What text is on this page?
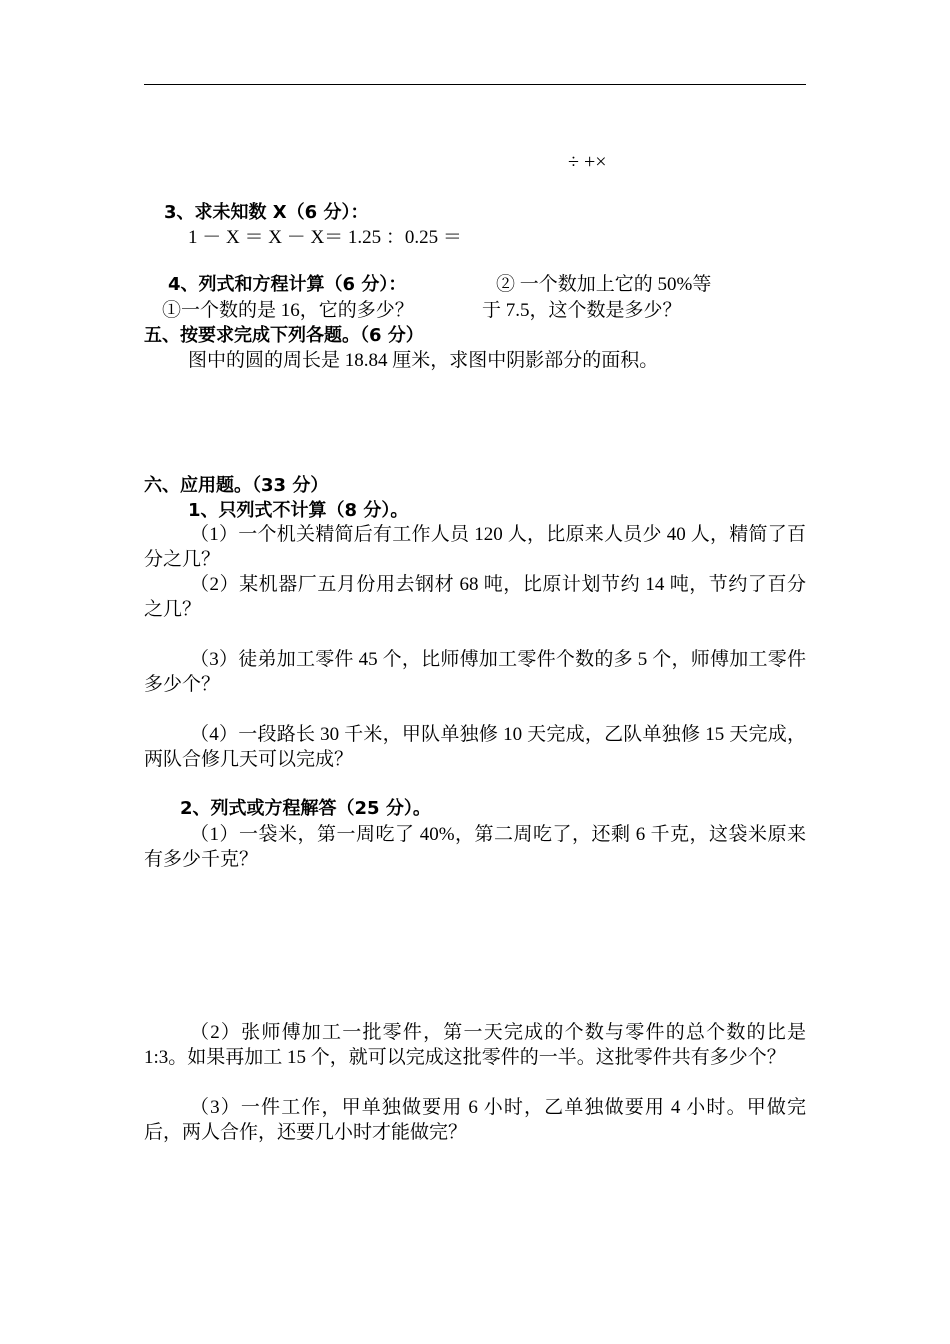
÷ +×
3、求未知数 X（6 分）：
1 － X ＝ X － X＝ 1.25 ：0.25 ＝
4、列式和方程计算（6 分）：	② 一个数加上它的 50%等
①一个数的是 16，它的多少？	于 7.5，这个数是多少？
五、按要求完成下列各题。（6 分）
图中的圆的周长是 18.84 厘米，求图中阴影部分的面积。
六、应用题。（33 分）
1、只列式不计算（8 分）。
（1）一个机关精简后有工作人员 120 人，比原来人员少 40 人，精简了百分之几？
（2）某机器厂五月份用去钢材 68 吨，比原计划节约 14 吨，节约了百分之几？
（3）徒弟加工零件 45 个，比师傅加工零件个数的多 5 个，师傅加工零件多少个？
（4）一段路长 30 千米，甲队单独修 10 天完成，乙队单独修 15 天完成，两队合修几天可以完成？
2、列式或方程解答（25 分）。
（1）一袋米，第一周吃了 40%，第二周吃了，还剩 6 千克，这袋米原来有多少千克？
（2）张师傅加工一批零件，第一天完成的个数与零件的总个数的比是 1:3。如果再加工 15 个，就可以完成这批零件的一半。这批零件共有多少个？
（3）一件工作，甲单独做要用 6 小时，乙单独做要用 4 小时。甲做完后，两人合作，还要几小时才能做完？
